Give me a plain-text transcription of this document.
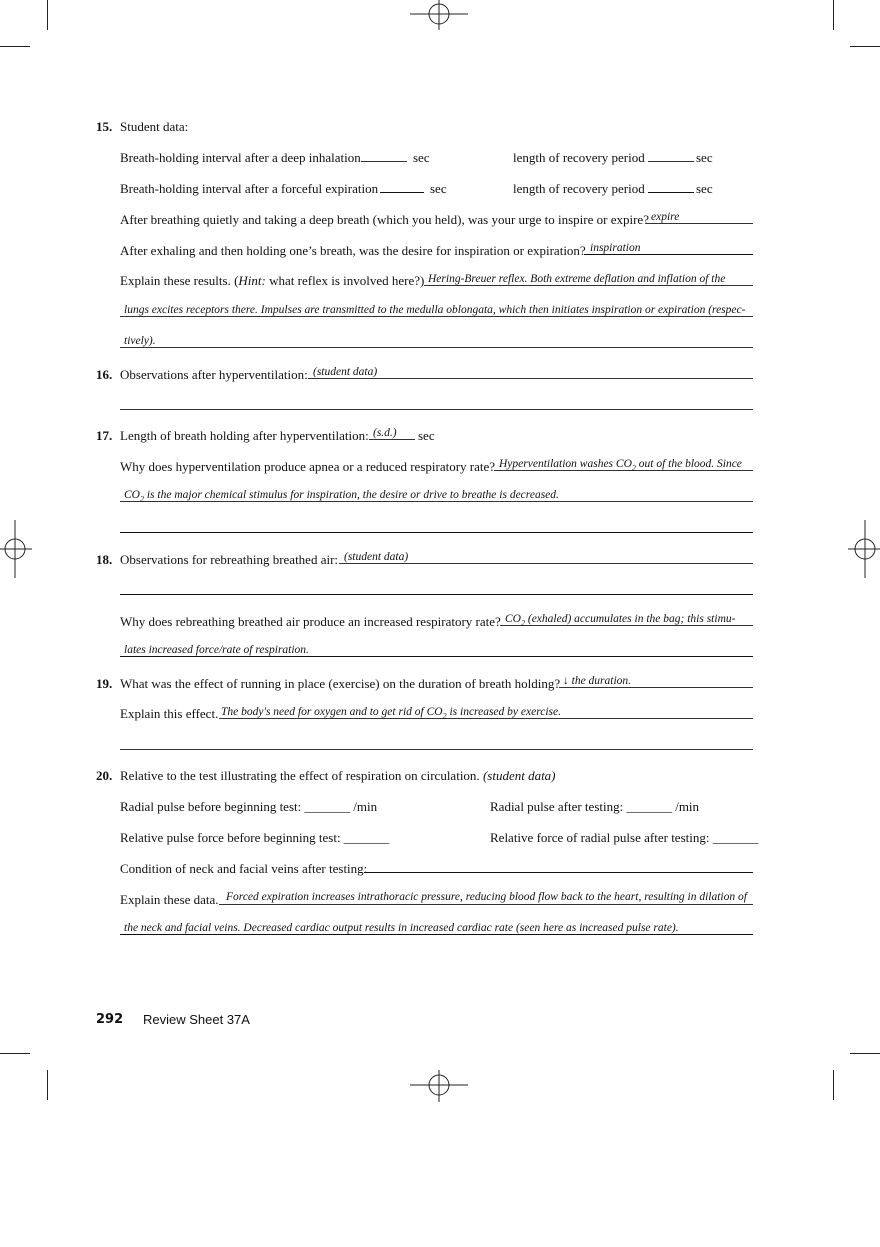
15. Student data:
Breath-holding interval after a deep inhalation	sec	length of recovery period	sec
Breath-holding interval after a forceful expiration	sec	length of recovery period	sec
After breathing quietly and taking a deep breath (which you held), was your urge to inspire or expire? expire
After exhaling and then holding one’s breath, was the desire for inspiration or expiration? inspiration
Explain these results. (Hint: what reflex is involved here?) Hering-Breuer reflex. Both extreme deflation and inflation of the
lungs excites receptors there. Impulses are transmitted to the medulla oblongata, which then initiates inspiration or expiration (respec-
tively).
16. Observations after hyperventilation: (student data)
17. Length of breath holding after hyperventilation: (s.d.) sec
Why does hyperventilation produce apnea or a reduced respiratory rate? Hyperventilation washes $CO_2$ out of the blood. Since
$CO_2$ is the major chemical stimulus for inspiration, the desire or drive to breathe is decreased.
18. Observations for rebreathing breathed air: (student data)
Why does rebreathing breathed air produce an increased respiratory rate? $CO_2$ (exhaled) accumulates in the bag; this stimu-
lates increased force/rate of respiration.
19. What was the effect of running in place (exercise) on the duration of breath holding? ↓ the duration.
Explain this effect. The body's need for oxygen and to get rid of $CO_2$ is increased by exercise.
20. Relative to the test illustrating the effect of respiration on circulation. (student data)
Radial pulse before beginning test: _______ /min	Radial pulse after testing: _______ /min
Relative pulse force before beginning test: _______	Relative force of radial pulse after testing: _______
Condition of neck and facial veins after testing:
Explain these data. Forced expiration increases intrathoracic pressure, reducing blood flow back to the heart, resulting in dilation of
the neck and facial veins. Decreased cardiac output results in increased cardiac rate (seen here as increased pulse rate).
292 Review Sheet 37A
